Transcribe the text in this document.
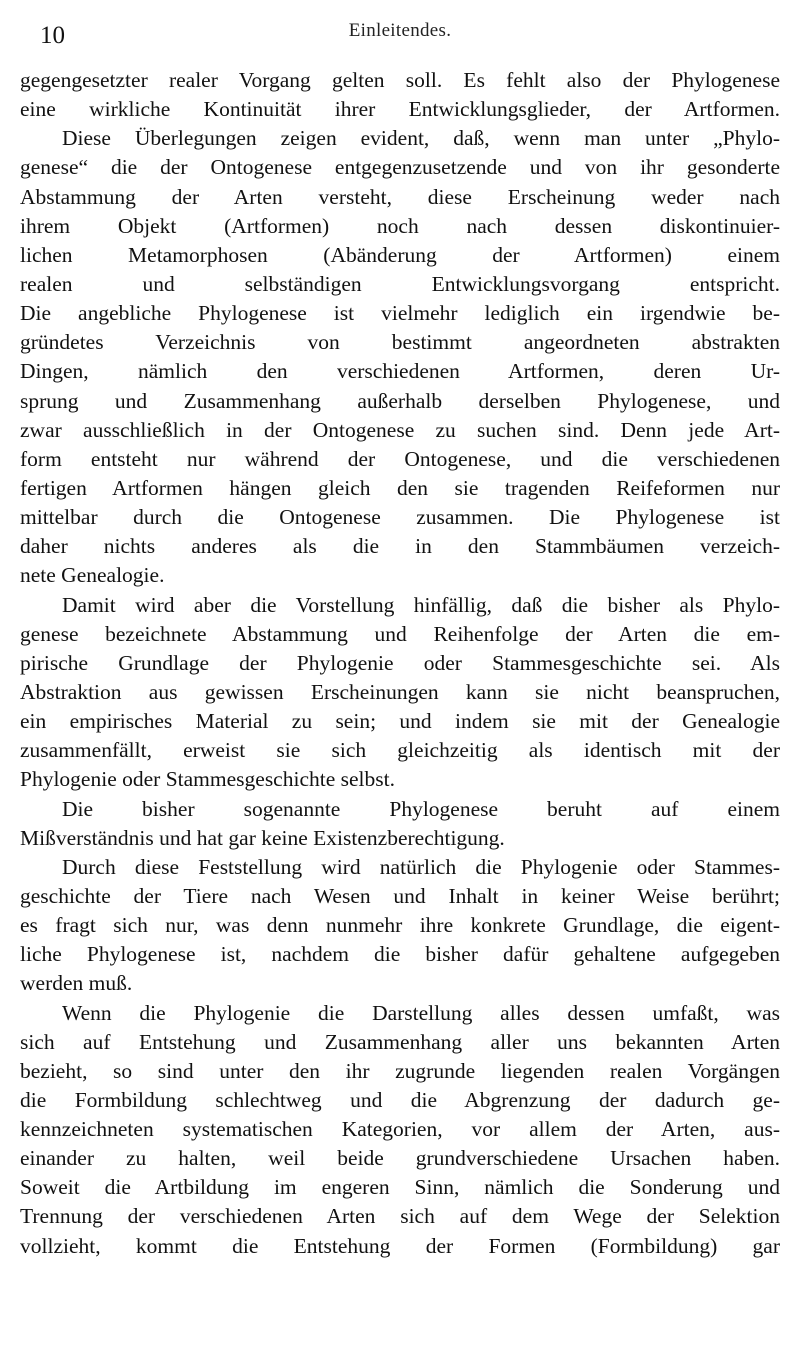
10	Einleitendes.
gegengesetzter realer Vorgang gelten soll. Es fehlt also der Phylogenese
eine wirkliche Kontinuität ihrer Entwicklungsglieder, der Artformen.
Diese Überlegungen zeigen evident, daß, wenn man unter „Phylo-
genese“ die der Ontogenese entgegenzusetzende und von ihr gesonderte
Abstammung der Arten versteht, diese Erscheinung weder nach
ihrem Objekt (Artformen) noch nach dessen diskontinuier-
lichen Metamorphosen (Abänderung der Artformen) einem
realen und selbständigen Entwicklungsvorgang entspricht.
Die angebliche Phylogenese ist vielmehr lediglich ein irgendwie be-
gründetes Verzeichnis von bestimmt angeordneten abstrakten
Dingen, nämlich den verschiedenen Artformen, deren Ur-
sprung und Zusammenhang außerhalb derselben Phylogenese, und
zwar ausschließlich in der Ontogenese zu suchen sind. Denn jede Art-
form entsteht nur während der Ontogenese, und die verschiedenen
fertigen Artformen hängen gleich den sie tragenden Reifeformen nur
mittelbar durch die Ontogenese zusammen. Die Phylogenese ist
daher nichts anderes als die in den Stammbäumen verzeich-
nete Genealogie.
Damit wird aber die Vorstellung hinfällig, daß die bisher als Phylo-
genese bezeichnete Abstammung und Reihenfolge der Arten die em-
pirische Grundlage der Phylogenie oder Stammesgeschichte sei. Als
Abstraktion aus gewissen Erscheinungen kann sie nicht beanspruchen,
ein empirisches Material zu sein; und indem sie mit der Genealogie
zusammenfällt, erweist sie sich gleichzeitig als identisch mit der
Phylogenie oder Stammesgeschichte selbst.
Die bisher sogenannte Phylogenese beruht auf einem
Mißverständnis und hat gar keine Existenzberechtigung.
Durch diese Feststellung wird natürlich die Phylogenie oder Stammes-
geschichte der Tiere nach Wesen und Inhalt in keiner Weise berührt;
es fragt sich nur, was denn nunmehr ihre konkrete Grundlage, die eigent-
liche Phylogenese ist, nachdem die bisher dafür gehaltene aufgegeben
werden muß.
Wenn die Phylogenie die Darstellung alles dessen umfaßt, was
sich auf Entstehung und Zusammenhang aller uns bekannten Arten
bezieht, so sind unter den ihr zugrunde liegenden realen Vorgängen
die Formbildung schlechtweg und die Abgrenzung der dadurch ge-
kennzeichneten systematischen Kategorien, vor allem der Arten, aus-
einander zu halten, weil beide grundverschiedene Ursachen haben.
Soweit die Artbildung im engeren Sinn, nämlich die Sonderung und
Trennung der verschiedenen Arten sich auf dem Wege der Selektion
vollzieht, kommt die Entstehung der Formen (Formbildung) gar
